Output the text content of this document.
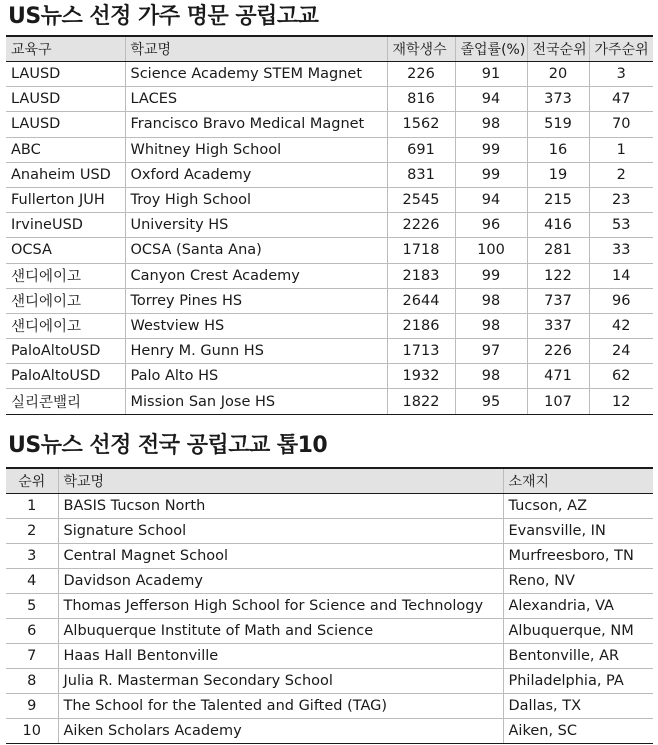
US뉴스 선정 가주 명문 공립고교
교육구	학교명	재학생수	졸업률(%)	전국순위	가주순위
LAUSD	Science Academy STEM Magnet	226	91	20	3
LAUSD	LACES	816	94	373	47
LAUSD	Francisco Bravo Medical Magnet	1562	98	519	70
ABC	Whitney High School	691	99	16	1
Anaheim USD	Oxford Academy	831	99	19	2
Fullerton JUH	Troy High School	2545	94	215	23
IrvineUSD	University HS	2226	96	416	53
OCSA	OCSA (Santa Ana)	1718	100	281	33
샌디에이고	Canyon Crest Academy	2183	99	122	14
샌디에이고	Torrey Pines HS	2644	98	737	96
샌디에이고	Westview HS	2186	98	337	42
PaloAltoUSD	Henry M. Gunn HS	1713	97	226	24
PaloAltoUSD	Palo Alto HS	1932	98	471	62
실리콘밸리	Mission San Jose HS	1822	95	107	12
US뉴스 선정 전국 공립고교 톱10
순위	학교명	소재지
1	BASIS Tucson North	Tucson, AZ
2	Signature School	Evansville, IN
3	Central Magnet School	Murfreesboro, TN
4	Davidson Academy	Reno, NV
5	Thomas Jefferson High School for Science and Technology	Alexandria, VA
6	Albuquerque Institute of Math and Science	Albuquerque, NM
7	Haas Hall Bentonville	Bentonville, AR
8	Julia R. Masterman Secondary School	Philadelphia, PA
9	The School for the Talented and Gifted (TAG)	Dallas, TX
10	Aiken Scholars Academy	Aiken, SC
